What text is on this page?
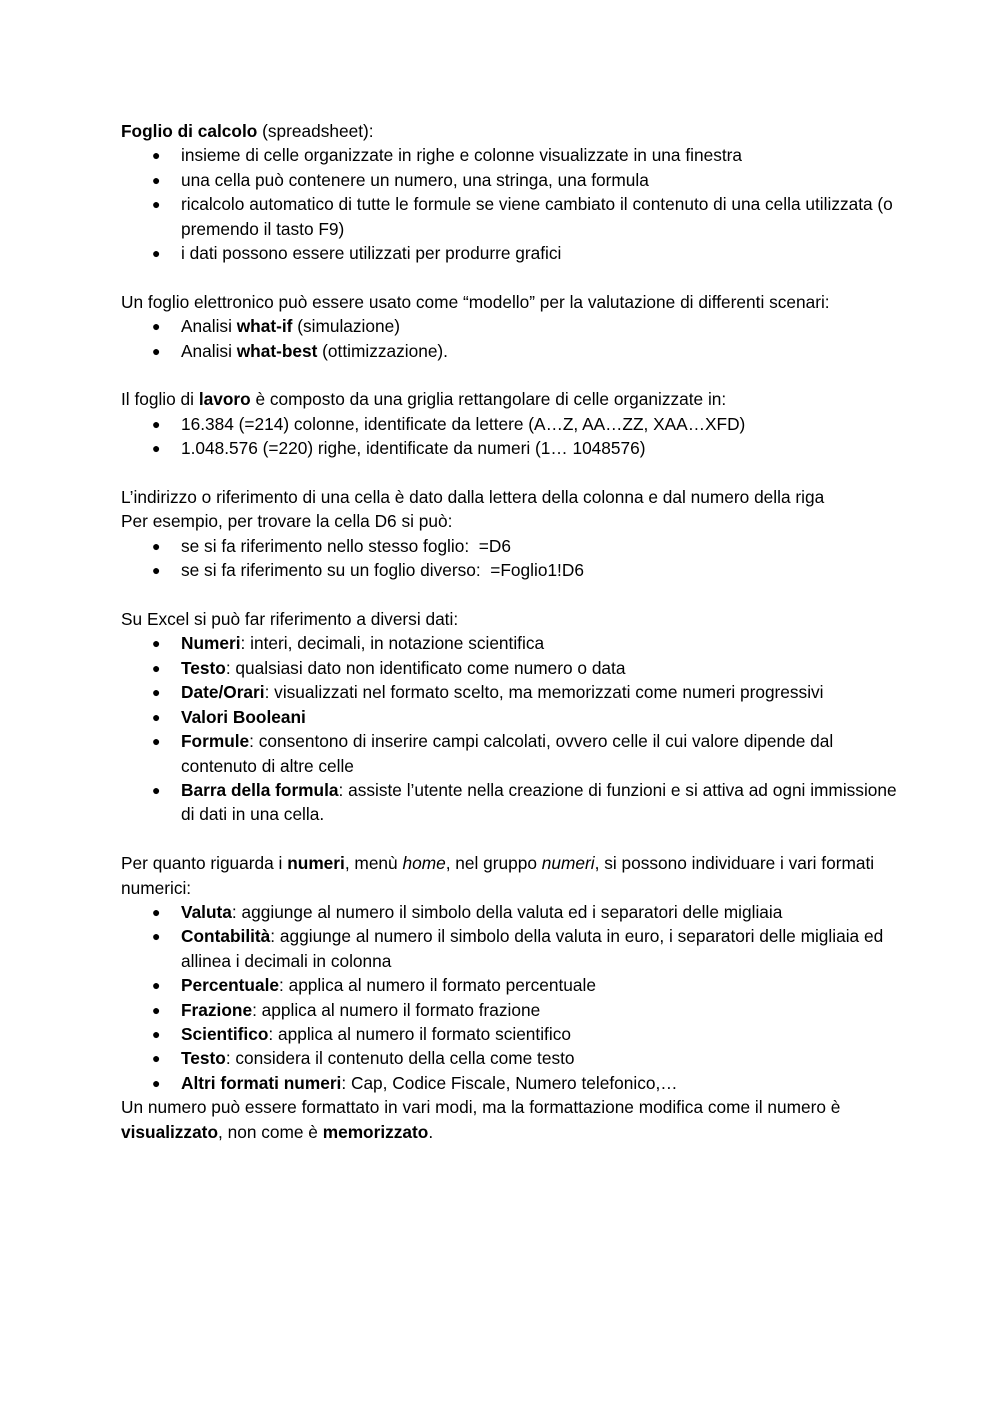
Foglio di calcolo (spreadsheet):

● insieme di celle organizzate in righe e colonne visualizzate in una finestra
● una cella può contenere un numero, una stringa, una formula
● ricalcolo automatico di tutte le formule se viene cambiato il contenuto di una cella utilizzata (o premendo il tasto F9)
● i dati possono essere utilizzati per produrre grafici

Un foglio elettronico può essere usato come “modello” per la valutazione di differenti scenari:

● Analisi what-if (simulazione)
● Analisi what-best (ottimizzazione).

Il foglio di lavoro è composto da una griglia rettangolare di celle organizzate in:

● 16.384 (=214) colonne, identificate da lettere (A…Z, AA…ZZ, XAA…XFD)
● 1.048.576 (=220) righe, identificate da numeri (1… 1048576)

L’indirizzo o riferimento di una cella è dato dalla lettera della colonna e dal numero della riga

Per esempio, per trovare la cella D6 si può:

● se si fa riferimento nello stesso foglio:  =D6
● se si fa riferimento su un foglio diverso:  =Foglio1!D6

Su Excel si può far riferimento a diversi dati:

● Numeri: interi, decimali, in notazione scientifica
● Testo: qualsiasi dato non identificato come numero o data
● Date/Orari: visualizzati nel formato scelto, ma memorizzati come numeri progressivi
● Valori Booleani
● Formule: consentono di inserire campi calcolati, ovvero celle il cui valore dipende dal contenuto di altre celle
● Barra della formula: assiste l’utente nella creazione di funzioni e si attiva ad ogni immissione di dati in una cella.

Per quanto riguarda i numeri, menù home, nel gruppo numeri, si possono individuare i vari formati numerici:

● Valuta: aggiunge al numero il simbolo della valuta ed i separatori delle migliaia
● Contabilità: aggiunge al numero il simbolo della valuta in euro, i separatori delle migliaia ed allinea i decimali in colonna
● Percentuale: applica al numero il formato percentuale
● Frazione: applica al numero il formato frazione
● Scientifico: applica al numero il formato scientifico
● Testo: considera il contenuto della cella come testo
● Altri formati numeri: Cap, Codice Fiscale, Numero telefonico,…

Un numero può essere formattato in vari modi, ma la formattazione modifica come il numero è visualizzato, non come è memorizzato.
